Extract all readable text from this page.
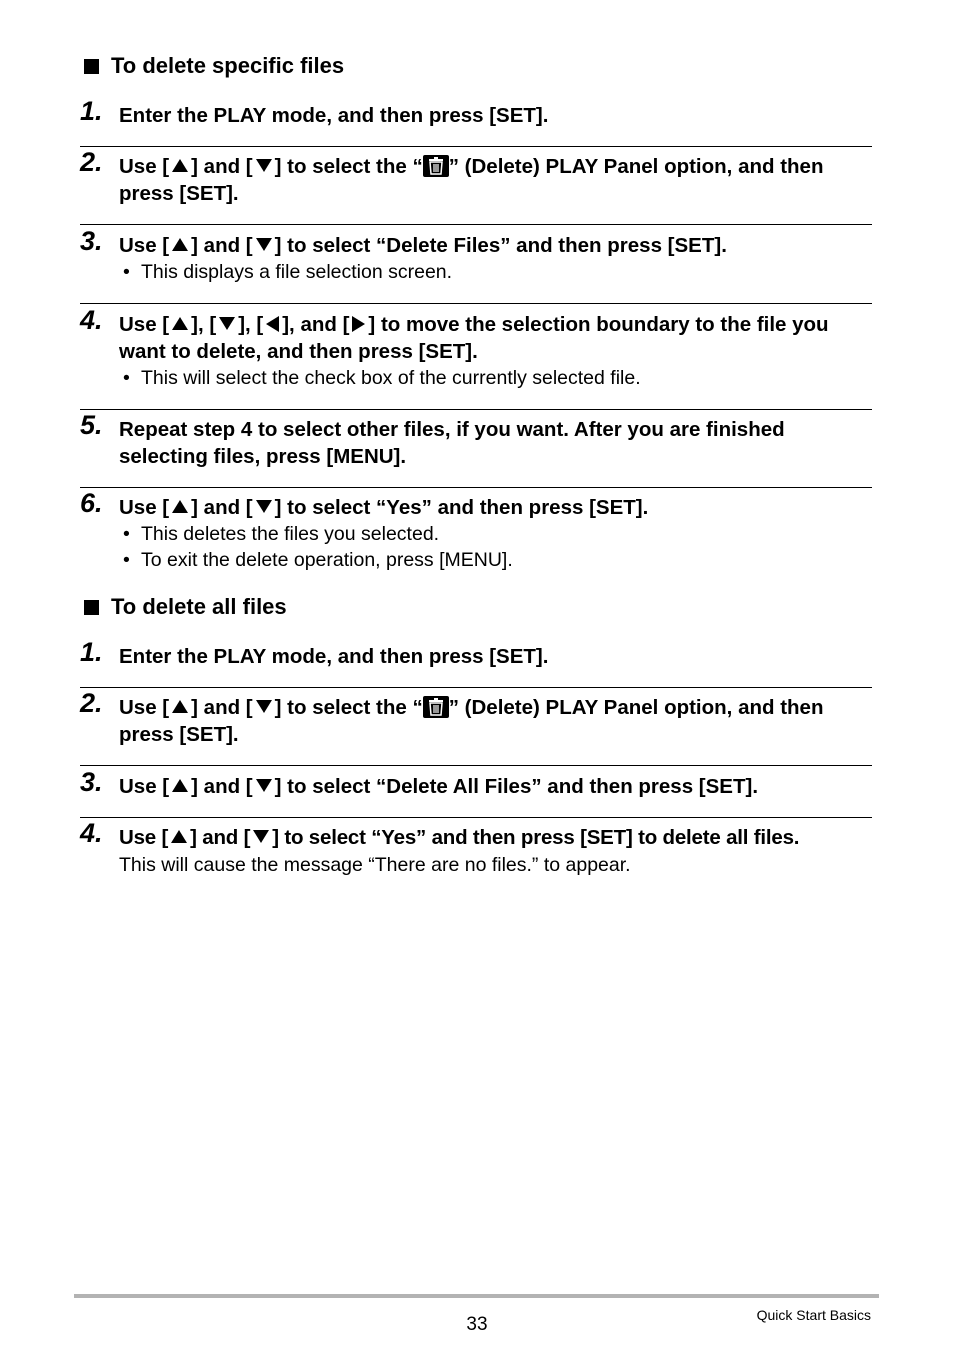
To delete specific files
1. Enter the PLAY mode, and then press [SET].
2. Use [ ] and [ ] to select the “ ” (Delete) PLAY Panel option, and then press [SET].
3. Use [ ] and [ ] to select “Delete Files” and then press [SET].
• This displays a file selection screen.
4. Use [ ], [ ], [ ], and [ ] to move the selection boundary to the file you want to delete, and then press [SET].
• This will select the check box of the currently selected file.
5. Repeat step 4 to select other files, if you want. After you are finished selecting files, press [MENU].
6. Use [ ] and [ ] to select “Yes” and then press [SET].
• This deletes the files you selected.
• To exit the delete operation, press [MENU].
To delete all files
1. Enter the PLAY mode, and then press [SET].
2. Use [ ] and [ ] to select the “ ” (Delete) PLAY Panel option, and then press [SET].
3. Use [ ] and [ ] to select “Delete All Files” and then press [SET].
4. Use [ ] and [ ] to select “Yes” and then press [SET] to delete all files.
This will cause the message “There are no files.” to appear.
33	Quick Start Basics
